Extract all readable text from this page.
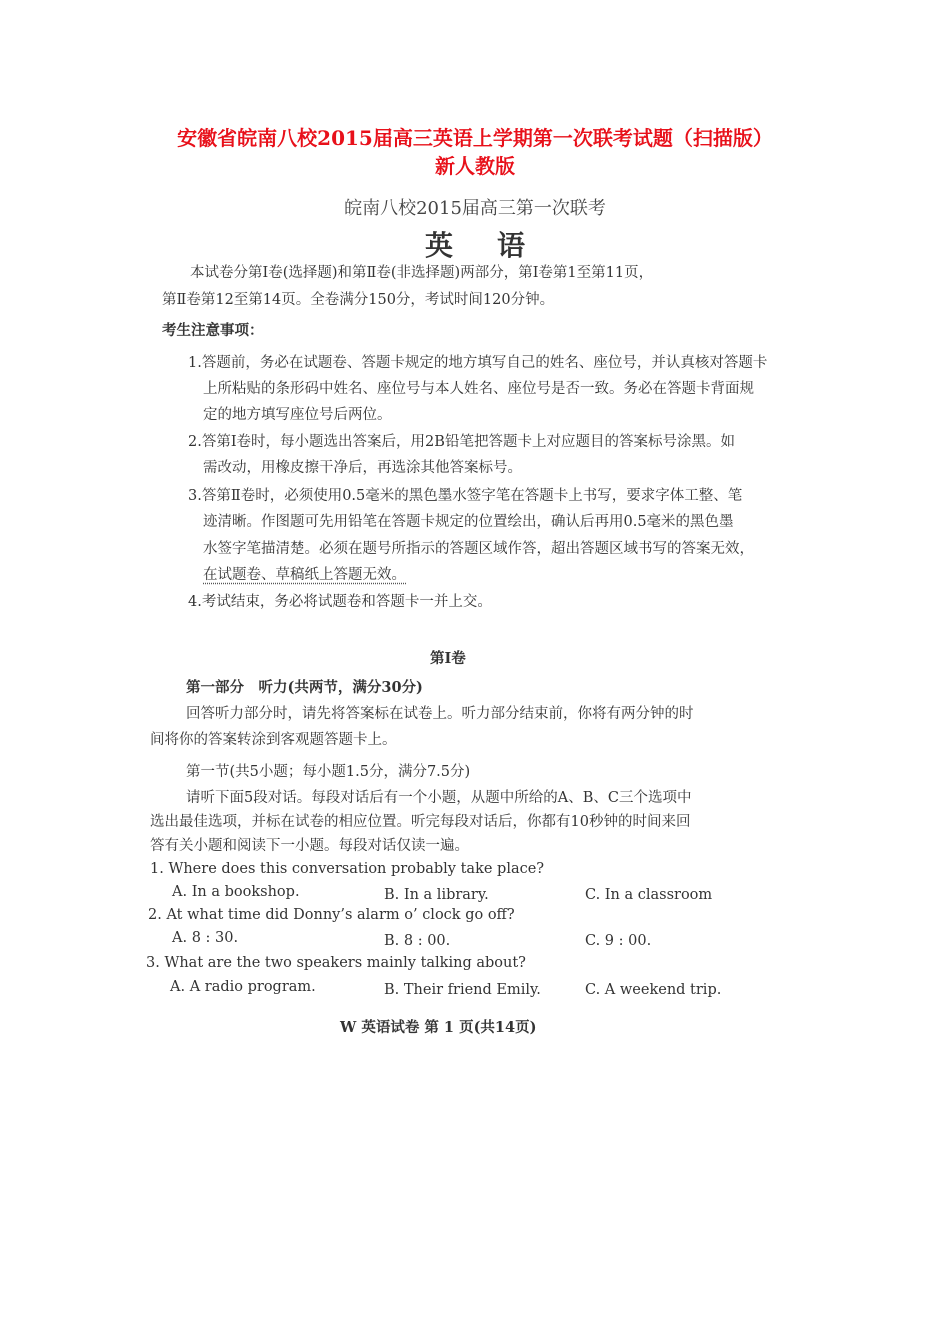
安徽省皖南八校2015届高三英语上学期第一次联考试题（扫描版）
新人教版
皖南八校2015届高三第一次联考
英语
本试卷分第Ⅰ卷(选择题)和第Ⅱ卷(非选择题)两部分，第Ⅰ卷第1至第11页，
第Ⅱ卷第12至第14页。全卷满分150分，考试时间120分钟。
考生注意事项：
1.答题前，务必在试题卷、答题卡规定的地方填写自己的姓名、座位号，并认真核对答题卡
上所粘贴的条形码中姓名、座位号与本人姓名、座位号是否一致。务必在答题卡背面规
定的地方填写座位号后两位。
2.答第Ⅰ卷时，每小题选出答案后，用2B铅笔把答题卡上对应题目的答案标号涂黑。如
需改动，用橡皮擦干净后，再选涂其他答案标号。
3.答第Ⅱ卷时，必须使用0.5毫米的黑色墨水签字笔在答题卡上书写，要求字体工整、笔
迹清晰。作图题可先用铅笔在答题卡规定的位置绘出，确认后再用0.5毫米的黑色墨
水签字笔描清楚。必须在题号所指示的答题区域作答，超出答题区域书写的答案无效，
在试题卷、草稿纸上答题无效。
4.考试结束，务必将试题卷和答题卡一并上交。
第Ⅰ卷
第一部分　听力(共两节，满分30分)
回答听力部分时，请先将答案标在试卷上。听力部分结束前，你将有两分钟的时
间将你的答案转涂到客观题答题卡上。
第一节(共5小题；每小题1.5分，满分7.5分)
请听下面5段对话。每段对话后有一个小题，从题中所给的A、B、C三个选项中
选出最佳选项，并标在试卷的相应位置。听完每段对话后，你都有10秒钟的时间来回
答有关小题和阅读下一小题。每段对话仅读一遍。
1. Where does this conversation probably take place?
A. In a bookshop.	B. In a library.	C. In a classroom
2. At what time did Donny’s alarm o’ clock go off?
A. 8 : 30.	B. 8 : 00.	C. 9 : 00.
3. What are the two speakers mainly talking about?
A. A radio program.	B. Their friend Emily.	C. A weekend trip.
W 英语试卷 第 1 页(共14页)
